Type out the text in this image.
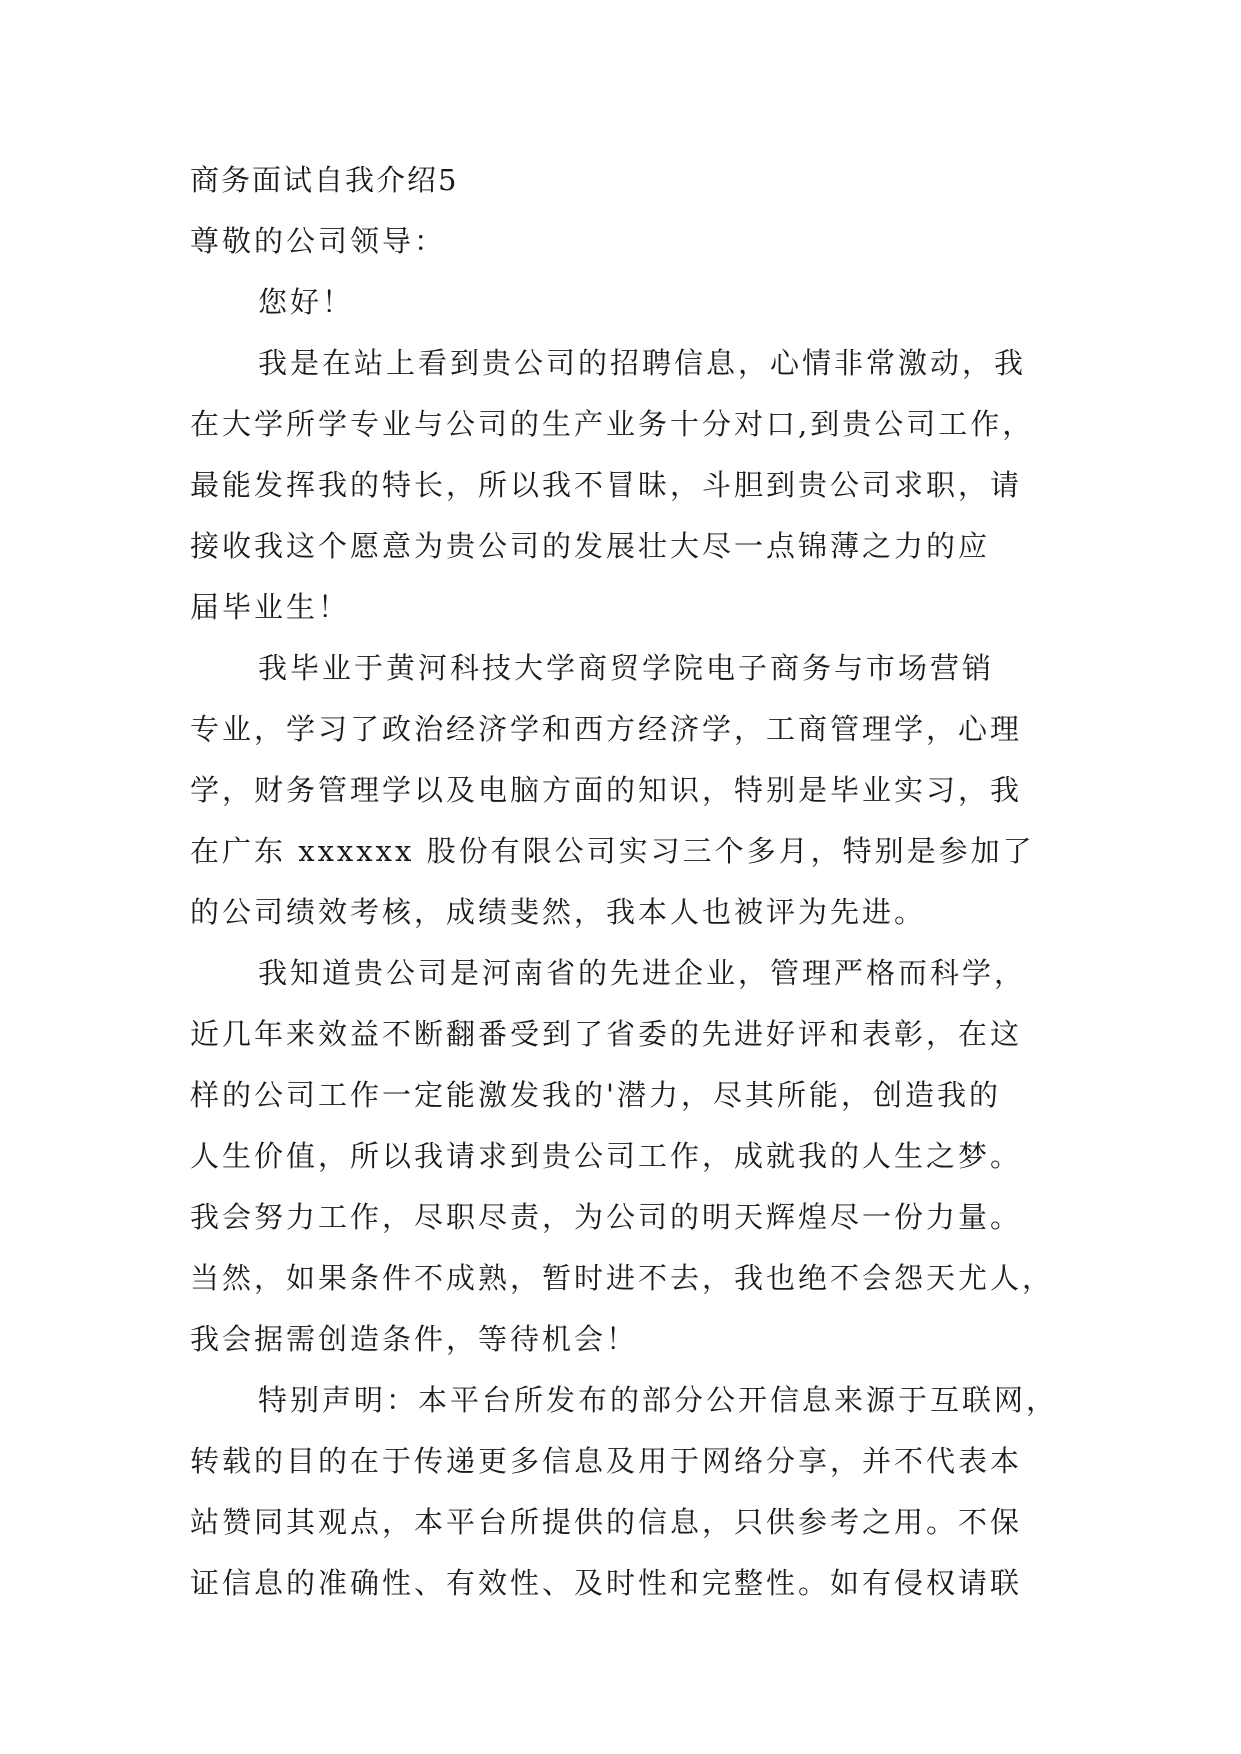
商务面试自我介绍5
尊敬的公司领导：
您好！
我是在站上看到贵公司的招聘信息，心情非常激动，我
在大学所学专业与公司的生产业务十分对口,到贵公司工作，
最能发挥我的特长，所以我不冒昧，斗胆到贵公司求职，请
接收我这个愿意为贵公司的发展壮大尽一点锦薄之力的应
届毕业生！
我毕业于黄河科技大学商贸学院电子商务与市场营销
专业，学习了政治经济学和西方经济学，工商管理学，心理
学，财务管理学以及电脑方面的知识，特别是毕业实习，我
在广东 xxxxxx 股份有限公司实习三个多月，特别是参加了
的公司绩效考核，成绩斐然，我本人也被评为先进。
我知道贵公司是河南省的先进企业，管理严格而科学，
近几年来效益不断翻番受到了省委的先进好评和表彰，在这
样的公司工作一定能激发我的'潜力，尽其所能，创造我的
人生价值，所以我请求到贵公司工作，成就我的人生之梦。
我会努力工作，尽职尽责，为公司的明天辉煌尽一份力量。
当然，如果条件不成熟，暂时进不去，我也绝不会怨天尤人，
我会据需创造条件，等待机会！
特别声明：本平台所发布的部分公开信息来源于互联网，
转载的目的在于传递更多信息及用于网络分享，并不代表本
站赞同其观点，本平台所提供的信息，只供参考之用。不保
证信息的准确性、有效性、及时性和完整性。如有侵权请联
